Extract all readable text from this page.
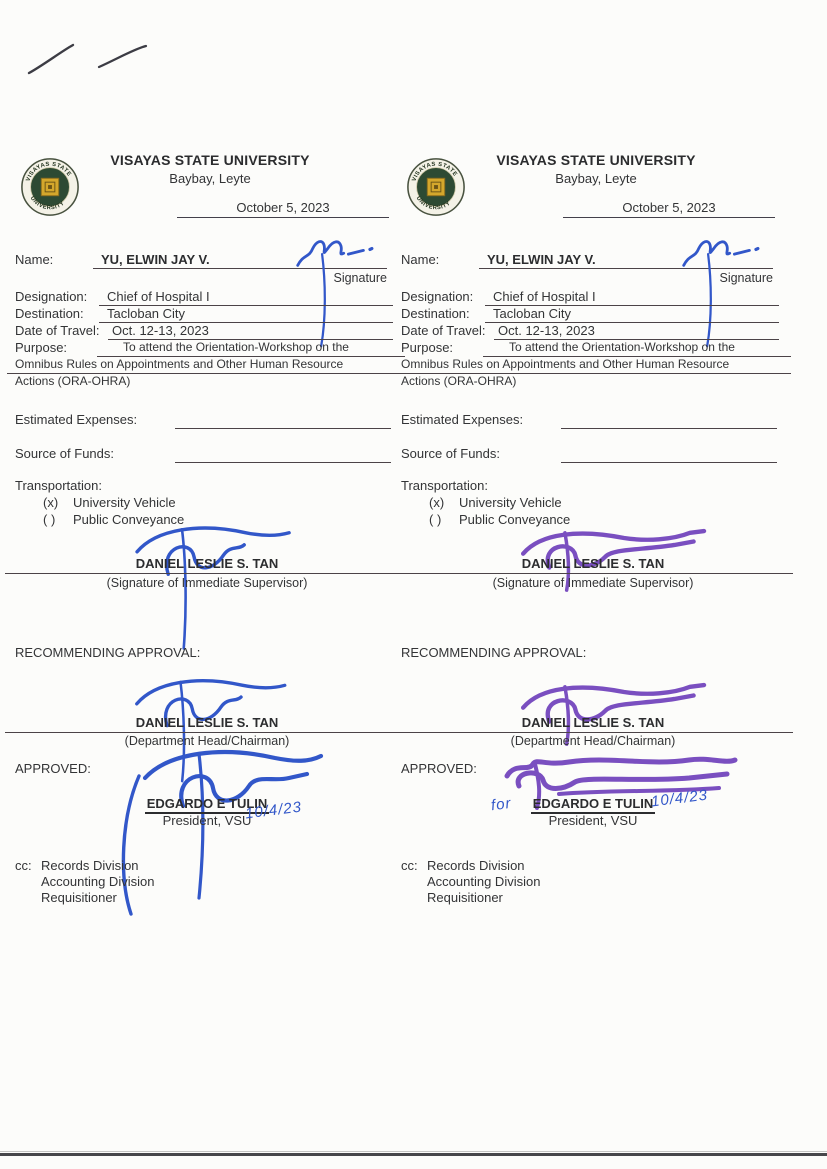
VISAYAS STATE
UNIVERSITY
VISAYAS STATE UNIVERSITY
Baybay, Leyte
October 5, 2023
Name:	YU, ELWIN JAY V.
Signature
Designation: Chief of Hospital I
Destination: Tacloban City
Date of Travel: Oct. 12-13, 2023
Purpose:	To attend the Orientation-Workshop on the
Omnibus Rules on Appointments and Other Human Resource
Actions (ORA-OHRA)
Estimated Expenses:
Source of Funds:
Transportation:
(x) University Vehicle
( ) Public Conveyance
DANIEL LESLIE S. TAN
(Signature of Immediate Supervisor)
RECOMMENDING APPROVAL:
DANIEL LESLIE S. TAN
(Department Head/Chairman)
APPROVED:
EDGARDO E TULIN
President, VSU
10/4/23
cc: Records Division
Accounting Division
Requisitioner
VISAYAS STATE
UNIVERSITY
VISAYAS STATE UNIVERSITY
Baybay, Leyte
October 5, 2023
Name:	YU, ELWIN JAY V.
Signature
Designation: Chief of Hospital I
Destination: Tacloban City
Date of Travel: Oct. 12-13, 2023
Purpose:	To attend the Orientation-Workshop on the
Omnibus Rules on Appointments and Other Human Resource
Actions (ORA-OHRA)
Estimated Expenses:
Source of Funds:
Transportation:
(x) University Vehicle
( ) Public Conveyance
DANIEL LESLIE S. TAN
(Signature of Immediate Supervisor)
RECOMMENDING APPROVAL:
DANIEL LESLIE S. TAN
(Department Head/Chairman)
APPROVED:
EDGARDO E TULIN
President, VSU
for	10/4/23
cc: Records Division
Accounting Division
Requisitioner
